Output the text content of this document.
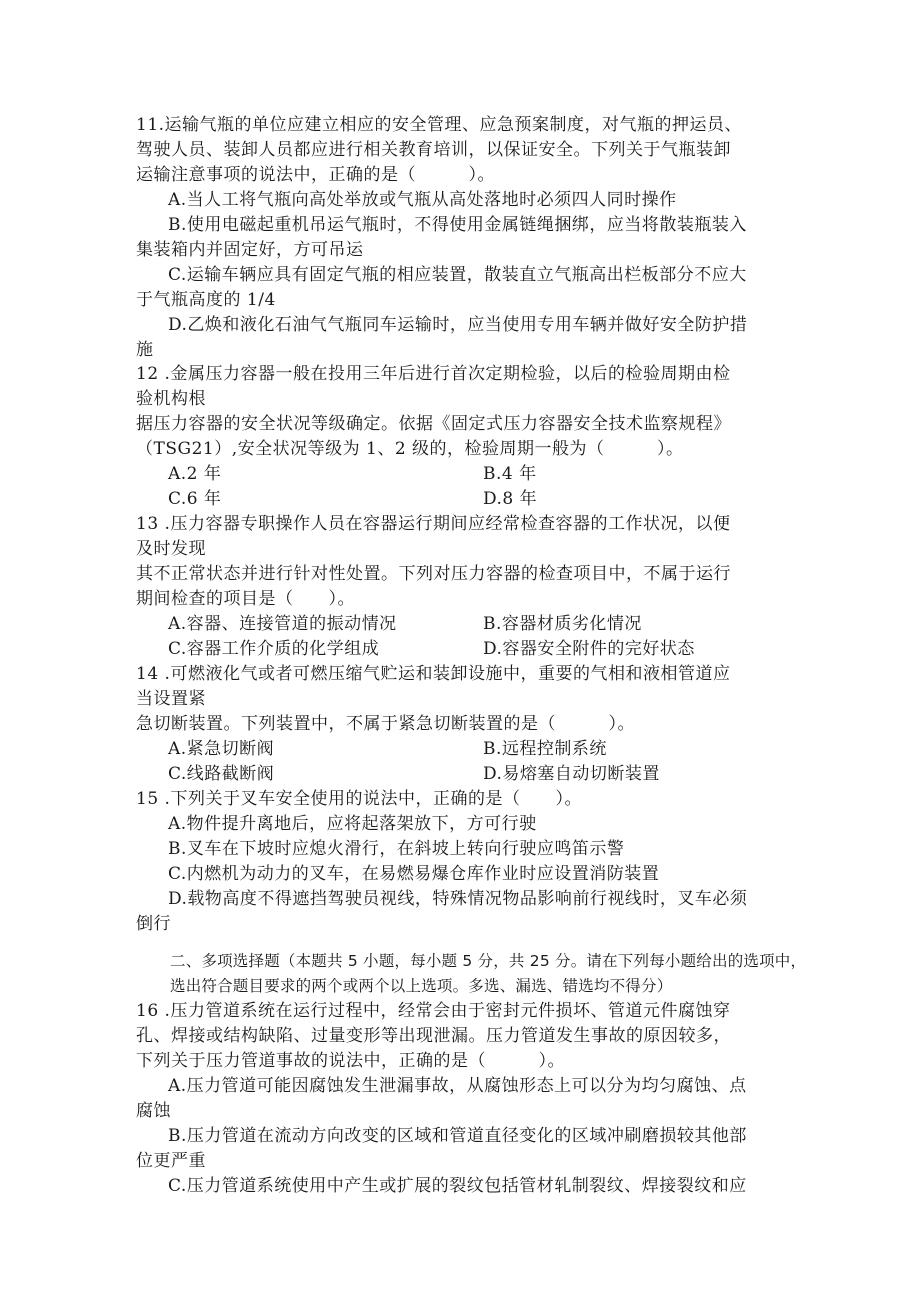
11.运输气瓶的单位应建立相应的安全管理、应急预案制度，对气瓶的押运员、
驾驶人员、装卸人员都应进行相关教育培训，以保证安全。下列关于气瓶装卸
运输注意事项的说法中，正确的是（　　　）。
A.当人工将气瓶向高处举放或气瓶从高处落地时必须四人同时操作
B.使用电磁起重机吊运气瓶时，不得使用金属链绳捆绑，应当将散装瓶装入
集装箱内并固定好，方可吊运
C.运输车辆应具有固定气瓶的相应装置，散装直立气瓶高出栏板部分不应大
于气瓶高度的 1/4
D.乙焕和液化石油气气瓶同车运输时，应当使用专用车辆并做好安全防护措
施
12 .金属压力容器一般在投用三年后进行首次定期检验，以后的检验周期由检
验机构根
据压力容器的安全状况等级确定。依据《固定式压力容器安全技术监察规程》
（TSG21）,安全状况等级为 1、2 级的，检验周期一般为（　　　）。
A.2 年	B.4 年
C.6 年	D.8 年
13 .压力容器专职操作人员在容器运行期间应经常检查容器的工作状况，以便
及时发现
其不正常状态并进行针对性处置。下列对压力容器的检查项目中，不属于运行
期间检查的项目是（　　）。
A.容器、连接管道的振动情况	B.容器材质劣化情况
C.容器工作介质的化学组成	D.容器安全附件的完好状态
14 .可燃液化气或者可燃压缩气贮运和装卸设施中，重要的气相和液相管道应
当设置紧
急切断装置。下列装置中，不属于紧急切断装置的是（　　　）。
A.紧急切断阀	B.远程控制系统
C.线路截断阀	D.易熔塞自动切断装置
15 .下列关于叉车安全使用的说法中，正确的是（　　）。
A.物件提升离地后，应将起落架放下，方可行驶
B.叉车在下坡时应熄火滑行，在斜坡上转向行驶应鸣笛示警
C.内燃机为动力的叉车，在易燃易爆仓库作业时应设置消防装置
D.载物高度不得遮挡驾驶员视线，特殊情况物品影响前行视线时，叉车必须
倒行
二、多项选择题（本题共 5 小题，每小题 5 分，共 25 分。请在下列每小题给出的选项中，
选出符合题目要求的两个或两个以上选项。多选、漏选、错选均不得分）
16 .压力管道系统在运行过程中，经常会由于密封元件损坏、管道元件腐蚀穿
孔、焊接或结构缺陷、过量变形等出现泄漏。压力管道发生事故的原因较多，
下列关于压力管道事故的说法中，正确的是（　　　）。
A.压力管道可能因腐蚀发生泄漏事故，从腐蚀形态上可以分为均匀腐蚀、点
腐蚀
B.压力管道在流动方向改变的区域和管道直径变化的区域冲刷磨损较其他部
位更严重
C.压力管道系统使用中产生或扩展的裂纹包括管材轧制裂纹、焊接裂纹和应
